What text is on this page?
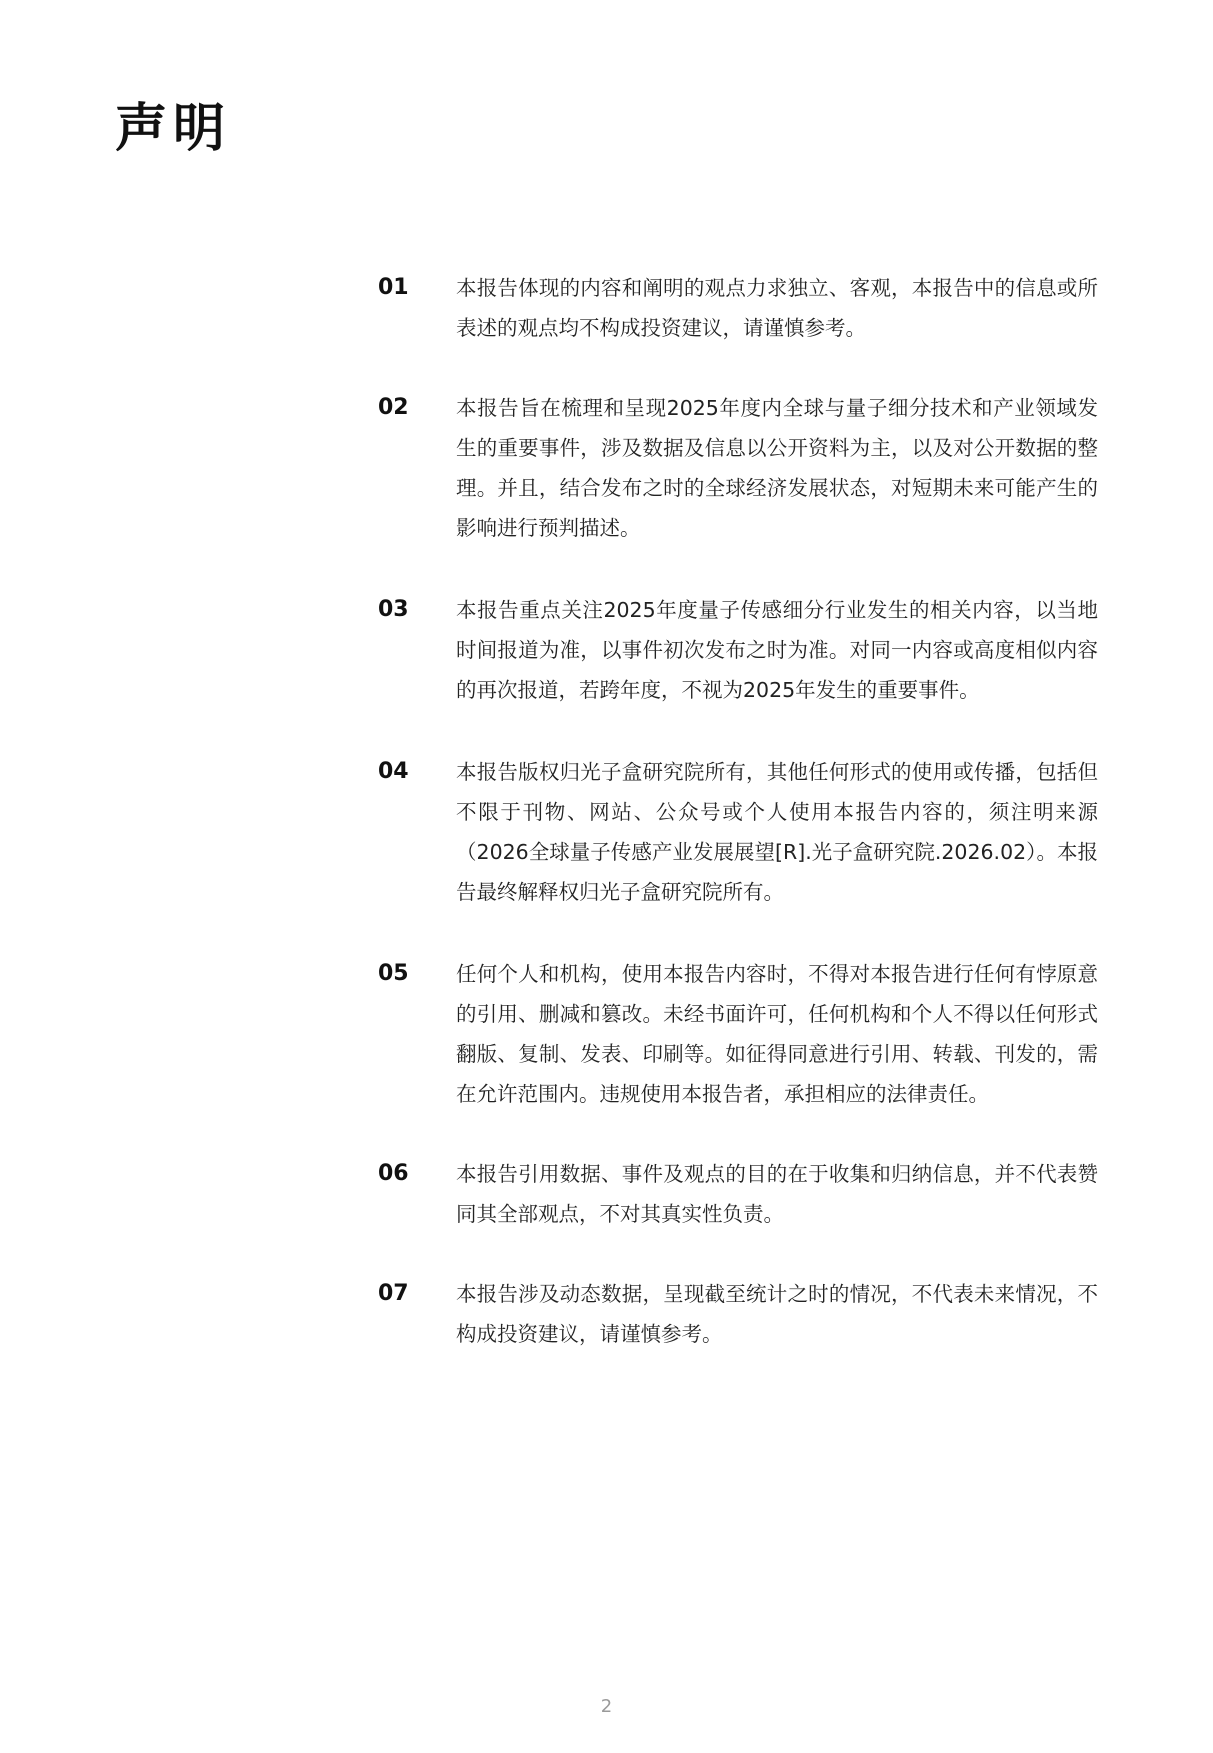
声明
01	本报告体现的内容和阐明的观点力求独立、客观，本报告中的信息或所表述的观点均不构成投资建议，请谨慎参考。
02	本报告旨在梳理和呈现2025年度内全球与量子细分技术和产业领域发生的重要事件，涉及数据及信息以公开资料为主，以及对公开数据的整理。并且，结合发布之时的全球经济发展状态，对短期未来可能产生的影响进行预判描述。
03	本报告重点关注2025年度量子传感细分行业发生的相关内容，以当地时间报道为准，以事件初次发布之时为准。对同一内容或高度相似内容的再次报道，若跨年度，不视为2025年发生的重要事件。
04	本报告版权归光子盒研究院所有，其他任何形式的使用或传播，包括但不限于刊物、网站、公众号或个人使用本报告内容的，须注明来源（2026全球量子传感产业发展展望[R].光子盒研究院.2026.02）。本报告最终解释权归光子盒研究院所有。
05	任何个人和机构，使用本报告内容时，不得对本报告进行任何有悖原意的引用、删减和篡改。未经书面许可，任何机构和个人不得以任何形式翻版、复制、发表、印刷等。如征得同意进行引用、转载、刊发的，需在允许范围内。违规使用本报告者，承担相应的法律责任。
06	本报告引用数据、事件及观点的目的在于收集和归纳信息，并不代表赞同其全部观点，不对其真实性负责。
07	本报告涉及动态数据，呈现截至统计之时的情况，不代表未来情况，不构成投资建议，请谨慎参考。
2
